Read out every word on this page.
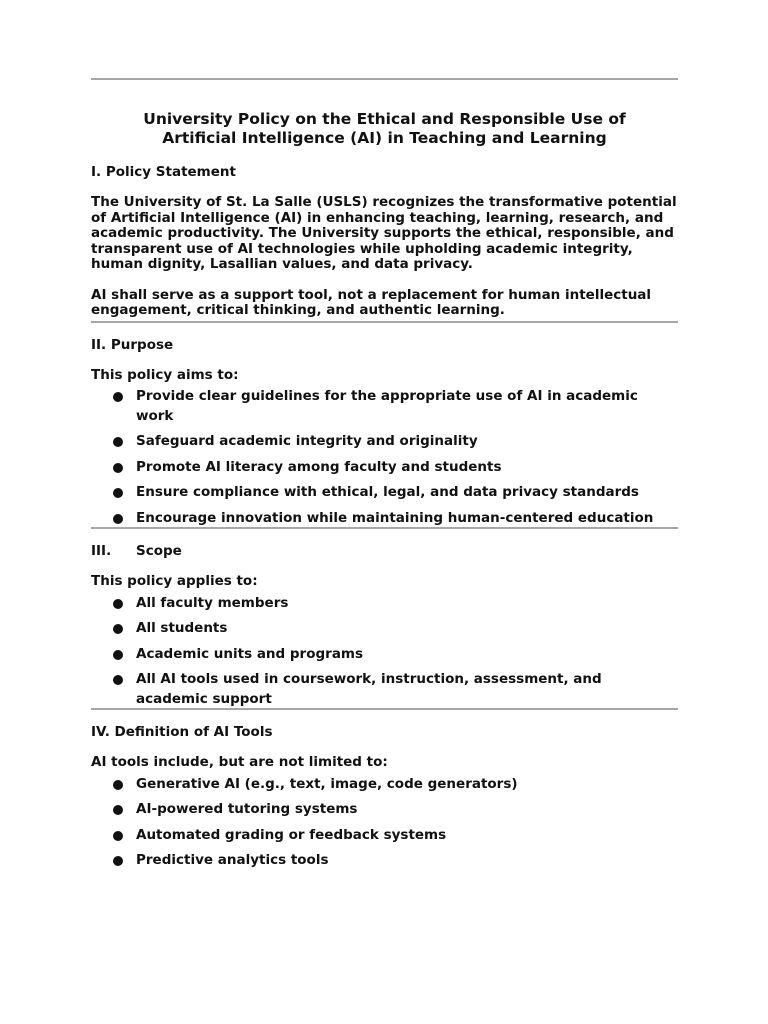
University Policy on the Ethical and Responsible Use of
Artificial Intelligence (AI) in Teaching and Learning
I. Policy Statement
The University of St. La Salle (USLS) recognizes the transformative potential of Artificial Intelligence (AI) in enhancing teaching, learning, research, and academic productivity. The University supports the ethical, responsible, and transparent use of AI technologies while upholding academic integrity, human dignity, Lasallian values, and data privacy.
AI shall serve as a support tool, not a replacement for human intellectual engagement, critical thinking, and authentic learning.
II. Purpose
This policy aims to:
Provide clear guidelines for the appropriate use of AI in academic work
Safeguard academic integrity and originality
Promote AI literacy among faculty and students
Ensure compliance with ethical, legal, and data privacy standards
Encourage innovation while maintaining human-centered education
III.	Scope
This policy applies to:
All faculty members
All students
Academic units and programs
All AI tools used in coursework, instruction, assessment, and academic support
IV. Definition of AI Tools
AI tools include, but are not limited to:
Generative AI (e.g., text, image, code generators)
AI-powered tutoring systems
Automated grading or feedback systems
Predictive analytics tools
